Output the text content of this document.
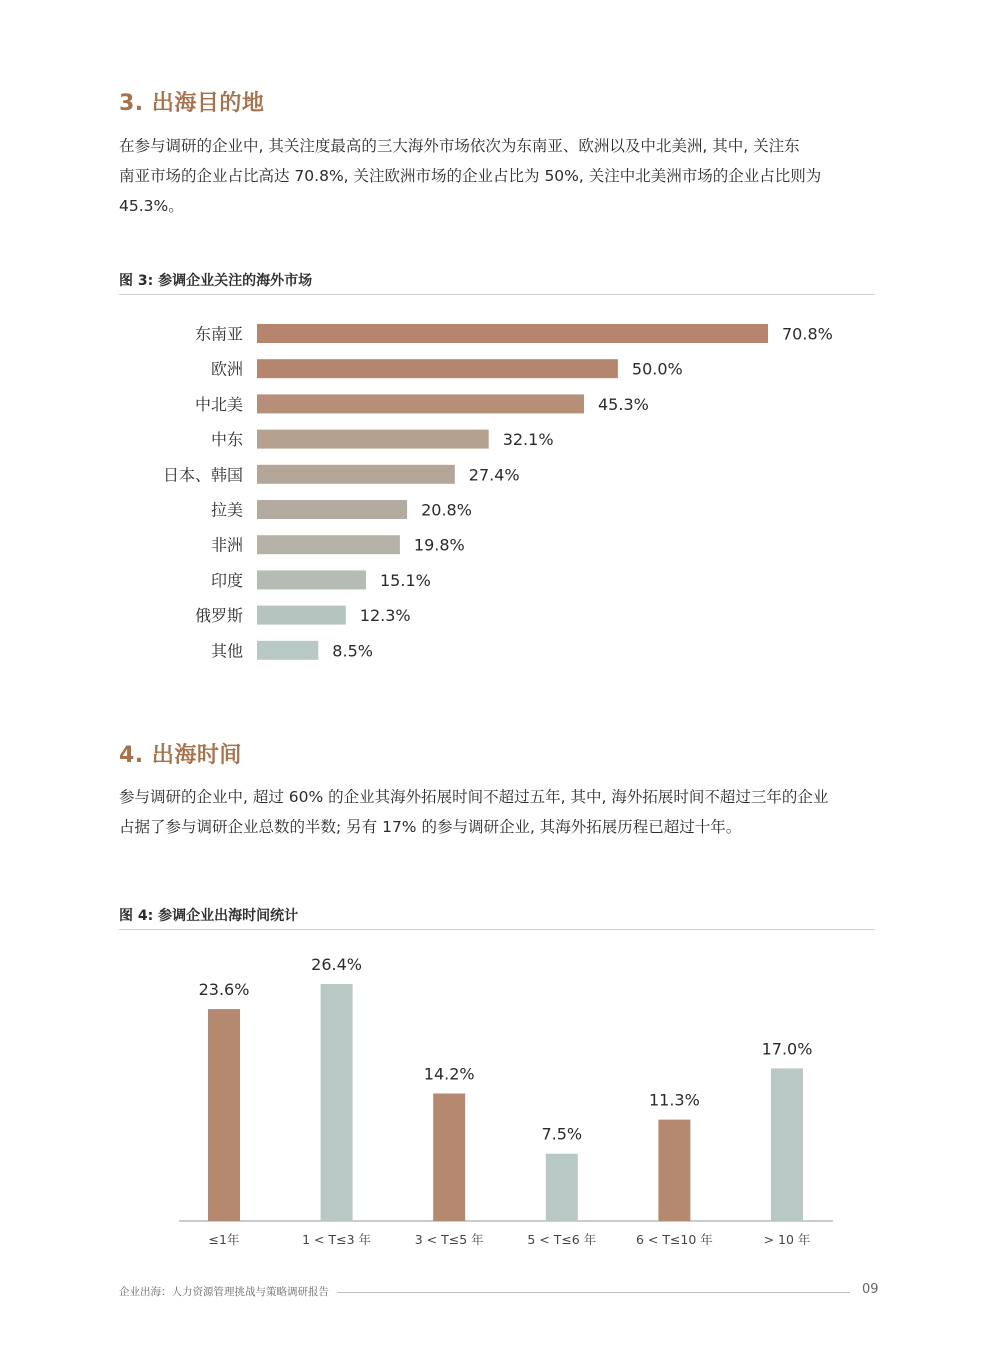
3. 出海目的地
在参与调研的企业中, 其关注度最高的三大海外市场依次为东南亚、欧洲以及中北美洲, 其中, 关注东
南亚市场的企业占比高达 70.8%, 关注欧洲市场的企业占比为 50%, 关注中北美洲市场的企业占比则为
45.3%。
图 3: 参调企业关注的海外市场
东南亚	70.8%
欧洲	50.0%
中北美	45.3%
中东	32.1%
日本、韩国	27.4%
拉美	20.8%
非洲	19.8%
印度	15.1%
俄罗斯	12.3%
其他	8.5%
4. 出海时间
参与调研的企业中, 超过 60% 的企业其海外拓展时间不超过五年, 其中, 海外拓展时间不超过三年的企业
占据了参与调研企业总数的半数; 另有 17% 的参与调研企业, 其海外拓展历程已超过十年。
图 4: 参调企业出海时间统计
23.6%
≤1年
26.4%
1 < T≤3 年
14.2%
3 < T≤5 年
7.5%
5 < T≤6 年
11.3%
6 < T≤10 年
17.0%
> 10 年
企业出海：人力资源管理挑战与策略调研报告	09
